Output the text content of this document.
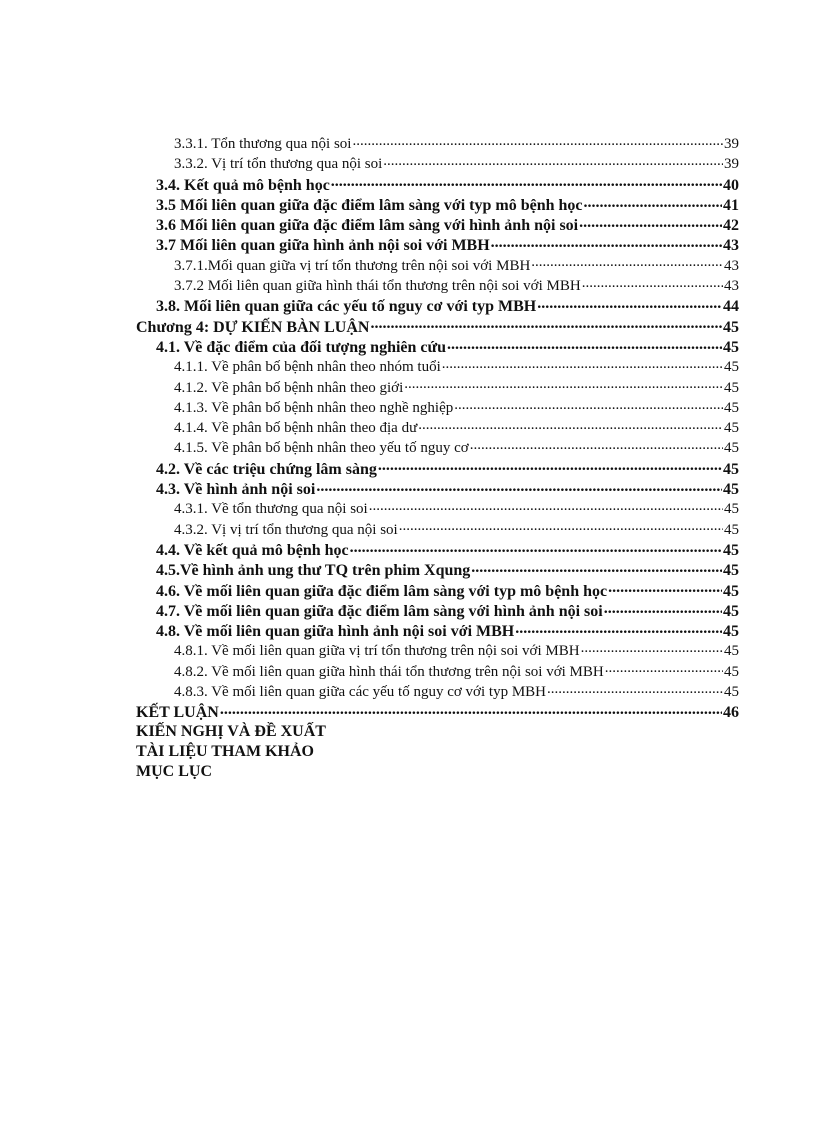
3.3.1. Tổn thương qua nội soi .....	39
3.3.2. Vị trí tổn thương qua nội soi .....	39
3.4. Kết quả mô bệnh học .....	40
3.5 Mối liên quan giữa đặc điểm lâm sàng với typ mô bệnh học .....	41
3.6 Mối liên quan giữa đặc điểm lâm sàng với hình ảnh nội soi .....	42
3.7 Mối liên quan giữa hình ảnh nội soi với MBH .....	43
3.7.1.Mối quan giữa vị trí tổn thương trên nội soi với MBH .....	43
3.7.2 Mối liên quan giữa hình thái tổn thương trên nội soi với MBH .....	43
3.8. Mối liên quan giữa các yếu tố nguy cơ với typ MBH .....	44
Chương 4: DỰ KIẾN BÀN LUẬN .....	45
4.1. Về đặc điểm của đối tượng nghiên cứu .....	45
4.1.1. Về phân bố bệnh nhân theo nhóm tuổi .....	45
4.1.2. Về phân bố bệnh nhân theo giới .....	45
4.1.3. Về phân bố bệnh nhân theo nghề nghiệp .....	45
4.1.4. Về phân bố bệnh nhân theo địa dư .....	45
4.1.5. Về phân bố bệnh nhân theo yếu tố nguy cơ .....	45
4.2. Về các triệu chứng lâm sàng .....	45
4.3. Về hình ảnh nội soi .....	45
4.3.1. Về tổn thương qua nội soi .....	45
4.3.2. Vị vị trí tổn thương qua nội soi .....	45
4.4. Về kết quả mô bệnh học .....	45
4.5.Về hình ảnh ung thư TQ trên phim Xqung .....	45
4.6. Về mối liên quan giữa đặc điểm lâm sàng với typ mô bệnh học .....	45
4.7. Về mối liên quan giữa đặc điểm lâm sàng với hình ảnh nội soi .....	45
4.8. Về mối liên quan giữa hình ảnh nội soi với MBH .....	45
4.8.1. Về mối liên quan giữa vị trí tổn thương trên nội soi với MBH .....	45
4.8.2. Về mối liên quan giữa hình thái tổn thương trên nội soi với MBH .....	45
4.8.3. Về mối liên quan giữa các yếu tố nguy cơ với typ MBH .....	45
KẾT LUẬN .....	46
KIẾN NGHỊ VÀ ĐỀ XUẤT
TÀI LIỆU THAM KHẢO
MỤC LỤC
